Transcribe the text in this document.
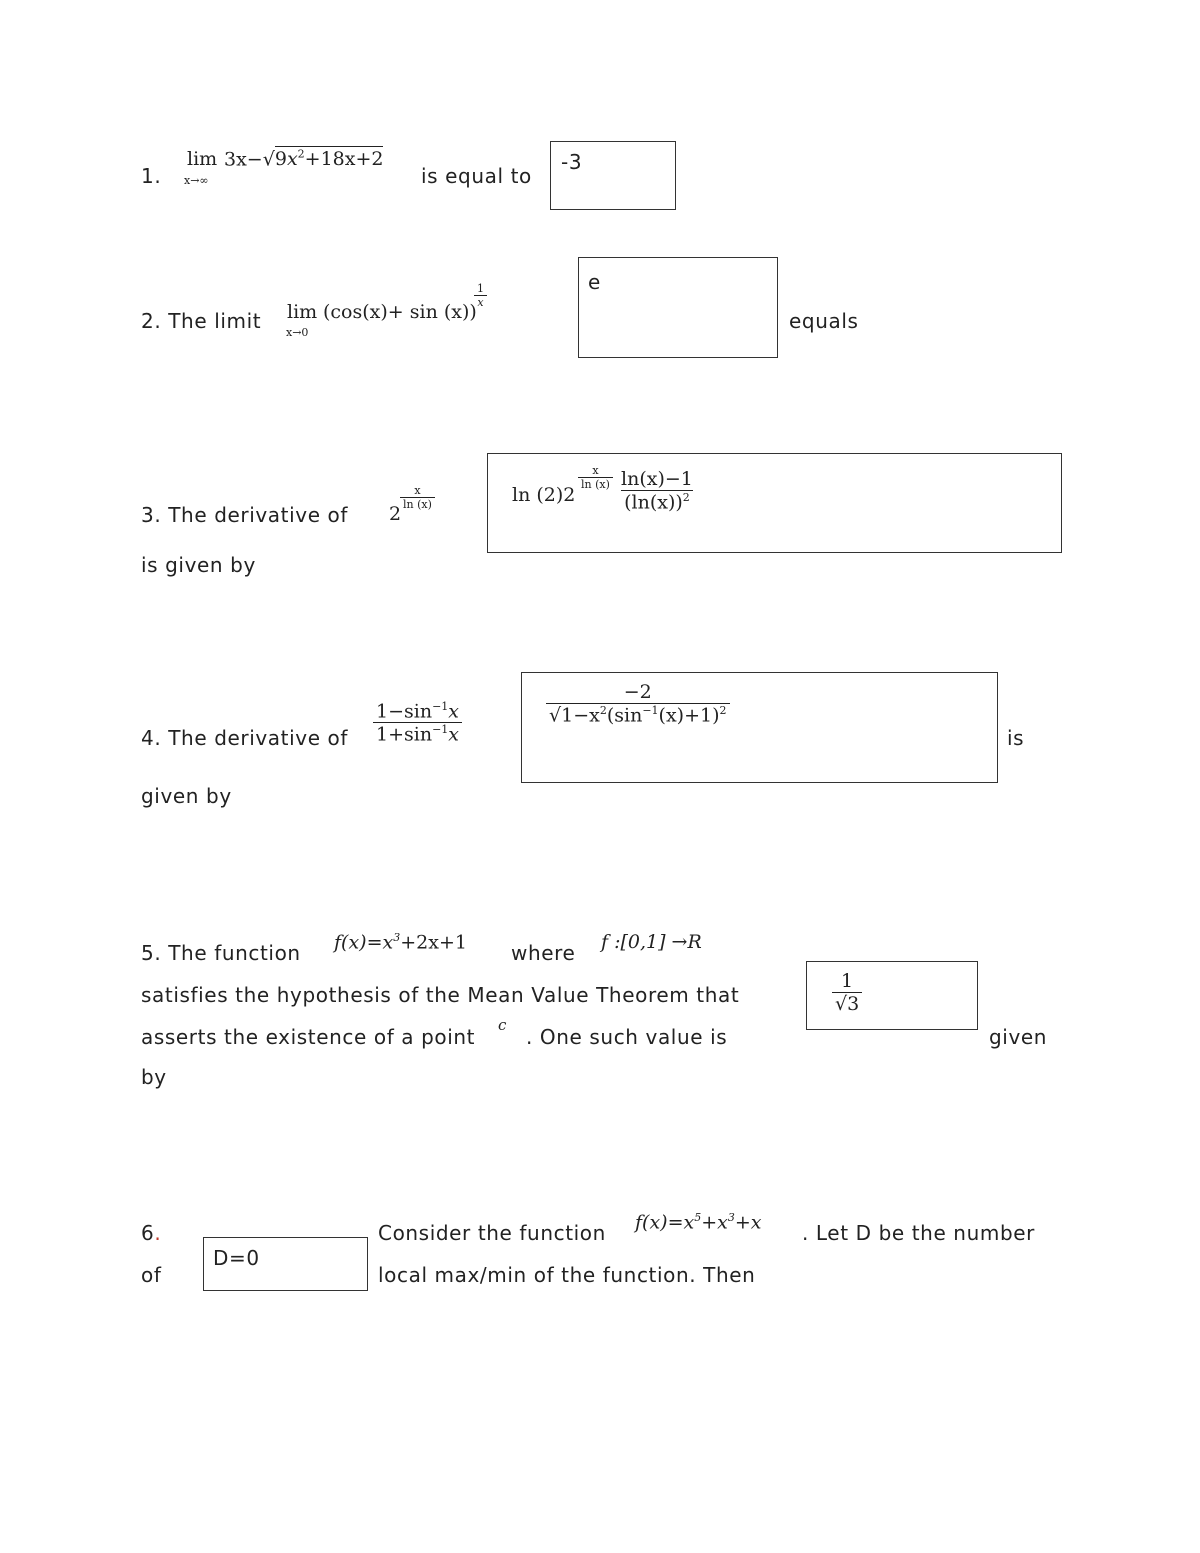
1.
lim
x→∞
$3x-√9x^2+18x+2$
is equal to
-3
2. The limit lim
x→0
(cos(x)+ sin (x))
$\frac{1}{x}$	e
equals
3. The derivative of 2
$\frac{x}{\ln (x)}$
is given by
ln (2)2
$\frac{x}{\ln (x)} \frac{\ln(x)-1}{(\ln(x))^2}$
4. The derivative of $\frac{1-\sin^{-1}x}{1+\sin^{-1}x}$	$\frac{-2}{√1-x^2(\sin^{-1}(x)+1)^2}$
is
given by
5. The function $f(x)=x^3+2x+1$ where f :[0,1] →R
satisfies the hypothesis of the Mean Value Theorem that
asserts the existence of a point c . One such value is
$\frac{1}{√3}$
given
by
6.
D=0
Consider the function $f(x)=x^5+x^3+x$ . Let D be the number
of	local max/min of the function. Then
